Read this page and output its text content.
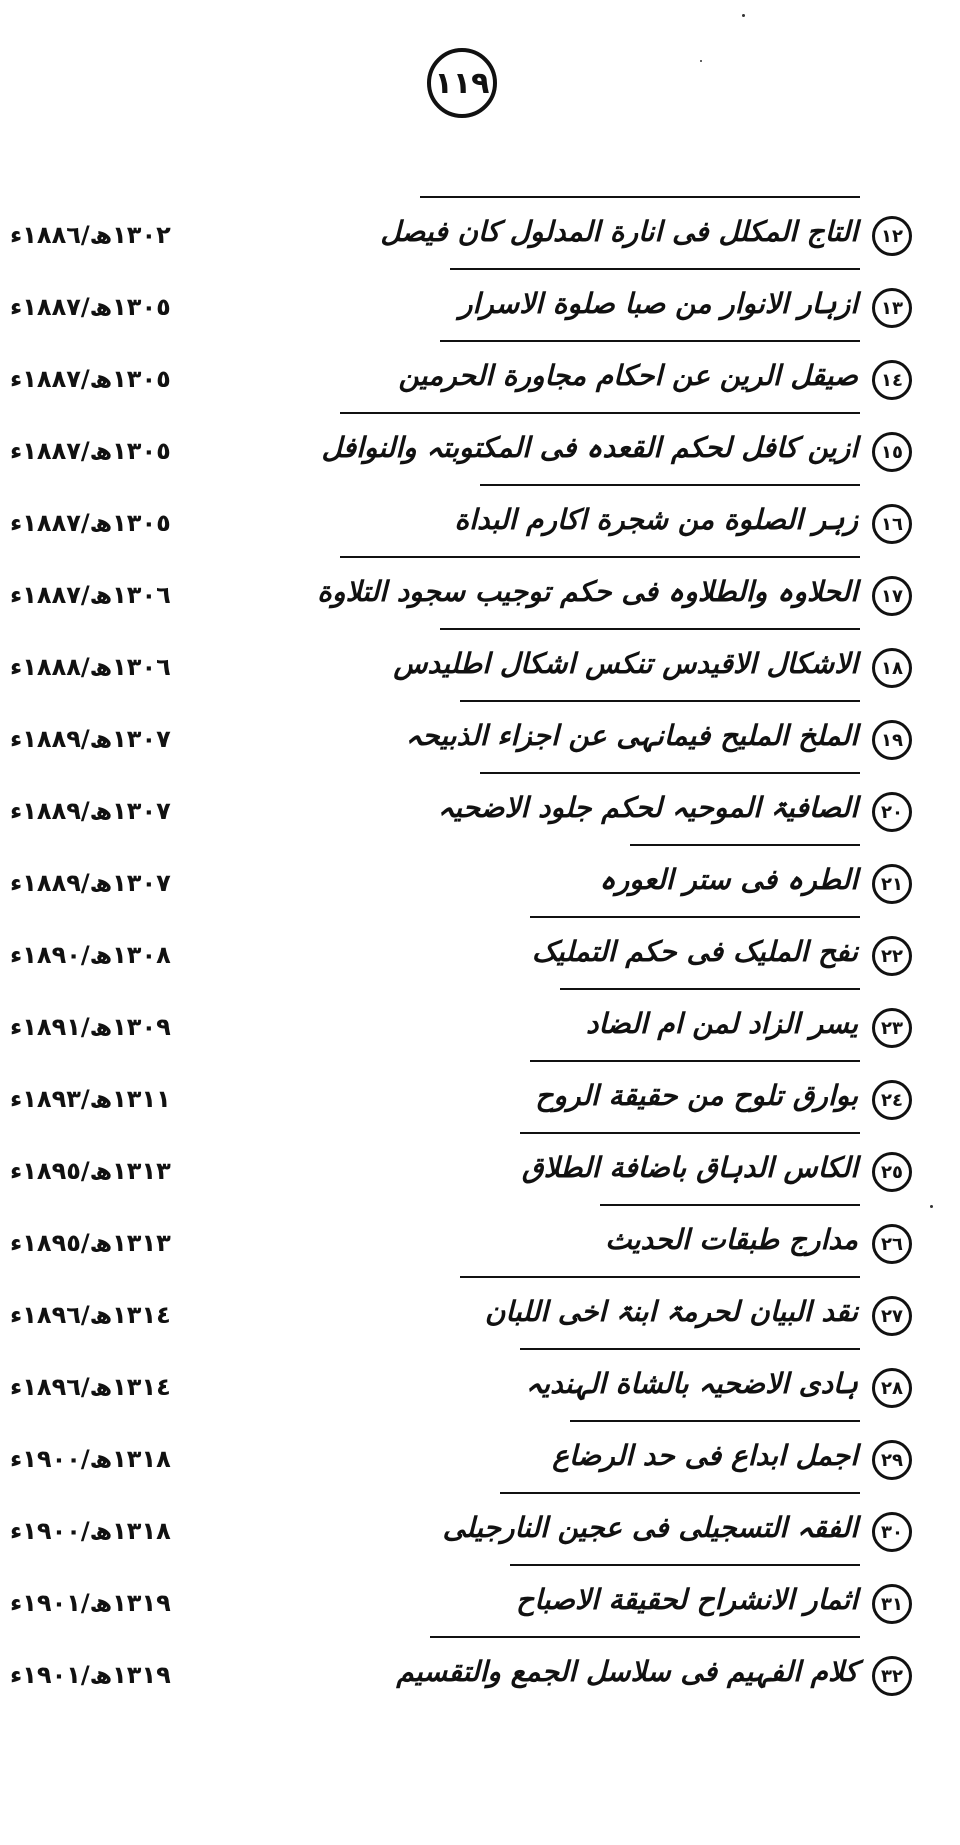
١١٩
١٢
التاج المکلل فی انارة المدلول کان فیصل
١٣٠٢ھ/١٨٨٦ء
١٣
ازہار الانوار من صبا صلوة الاسرار
١٣٠٥ھ/١٨٨٧ء
١٤
صیقل الرین عن احکام مجاورة الحرمین
١٣٠٥ھ/١٨٨٧ء
١٥
ازین کافل لحکم القعدہ فی المکتوبتہ والنوافل
١٣٠٥ھ/١٨٨٧ء
١٦
زہر الصلوة من شجرة اکارم البداة
١٣٠٥ھ/١٨٨٧ء
١٧
الحلاوہ والطلاوہ فی حکم توجیب سجود التلاوة
١٣٠٦ھ/١٨٨٧ء
١٨
الاشکال الاقیدس تنکس اشکال اطلیدس
١٣٠٦ھ/١٨٨٨ء
١٩
الملخ الملیح فیمانہی عن اجزاء الذبیحہ
١٣٠٧ھ/١٨٨٩ء
٢٠
الصافیۃ الموحیہ لحکم جلود الاضحیہ
١٣٠٧ھ/١٨٨٩ء
٢١
الطرہ فی ستر العورہ
١٣٠٧ھ/١٨٨٩ء
٢٢
نفح الملیک فی حکم التملیک
١٣٠٨ھ/١٨٩٠ء
٢٣
یسر الزاد لمن ام الضاد
١٣٠٩ھ/١٨٩١ء
٢٤
بوارق تلوح من حقیقة الروح
١٣١١ھ/١٨٩٣ء
٢٥
الکاس الدہاق باضافة الطلاق
١٣١٣ھ/١٨٩٥ء
٢٦
مدارج طبقات الحدیث
١٣١٣ھ/١٨٩٥ء
٢٧
نقد البیان لحرمۃ ابنۃ اخی اللبان
١٣١٤ھ/١٨٩٦ء
٢٨
ہادی الاضحیہ بالشاة الہندیہ
١٣١٤ھ/١٨٩٦ء
٢٩
اجمل ابداع فی حد الرضاع
١٣١٨ھ/١٩٠٠ء
٣٠
الفقہ التسجیلی فی عجین النارجیلی
١٣١٨ھ/١٩٠٠ء
٣١
اثمار الانشراح لحقیقة الاصباح
١٣١٩ھ/١٩٠١ء
٣٢
کلام الفہیم فی سلاسل الجمع والتقسیم
١٣١٩ھ/١٩٠١ء
